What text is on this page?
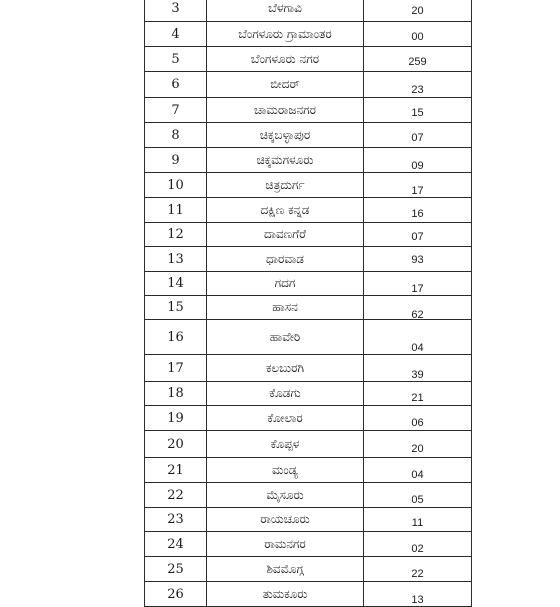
3	ಬೆಳಗಾವಿ	20
4	ಬೆಂಗಳೂರು ಗ್ರಾಮಾಂತರ	00
5	ಬೆಂಗಳೂರು ನಗರ	259
6	ಬೀದರ್	23
7	ಚಾಮರಾಜನಗರ	15
8	ಚಿಕ್ಕಬಳ್ಳಾಪುರ	07
9	ಚಿಕ್ಕಮಗಳೂರು	09
10	ಚಿತ್ರದುರ್ಗ	17
11	ದಕ್ಷಿಣ ಕನ್ನಡ	16
12	ದಾವಣಗೆರೆ	07
13	ಧಾರವಾಡ	93
14	ಗದಗ	17
15	ಹಾಸನ	62
16	ಹಾವೇರಿ	04
17	ಕಲಬುರಗಿ	39
18	ಕೊಡಗು	21
19	ಕೋಲಾರ	06
20	ಕೊಪ್ಪಳ	20
21	ಮಂಡ್ಯ	04
22	ಮೈಸೂರು	05
23	ರಾಯಚೂರು	11
24	ರಾಮನಗರ	02
25	ಶಿವಮೊಗ್ಗ	22
26	ತುಮಕೂರು	13
